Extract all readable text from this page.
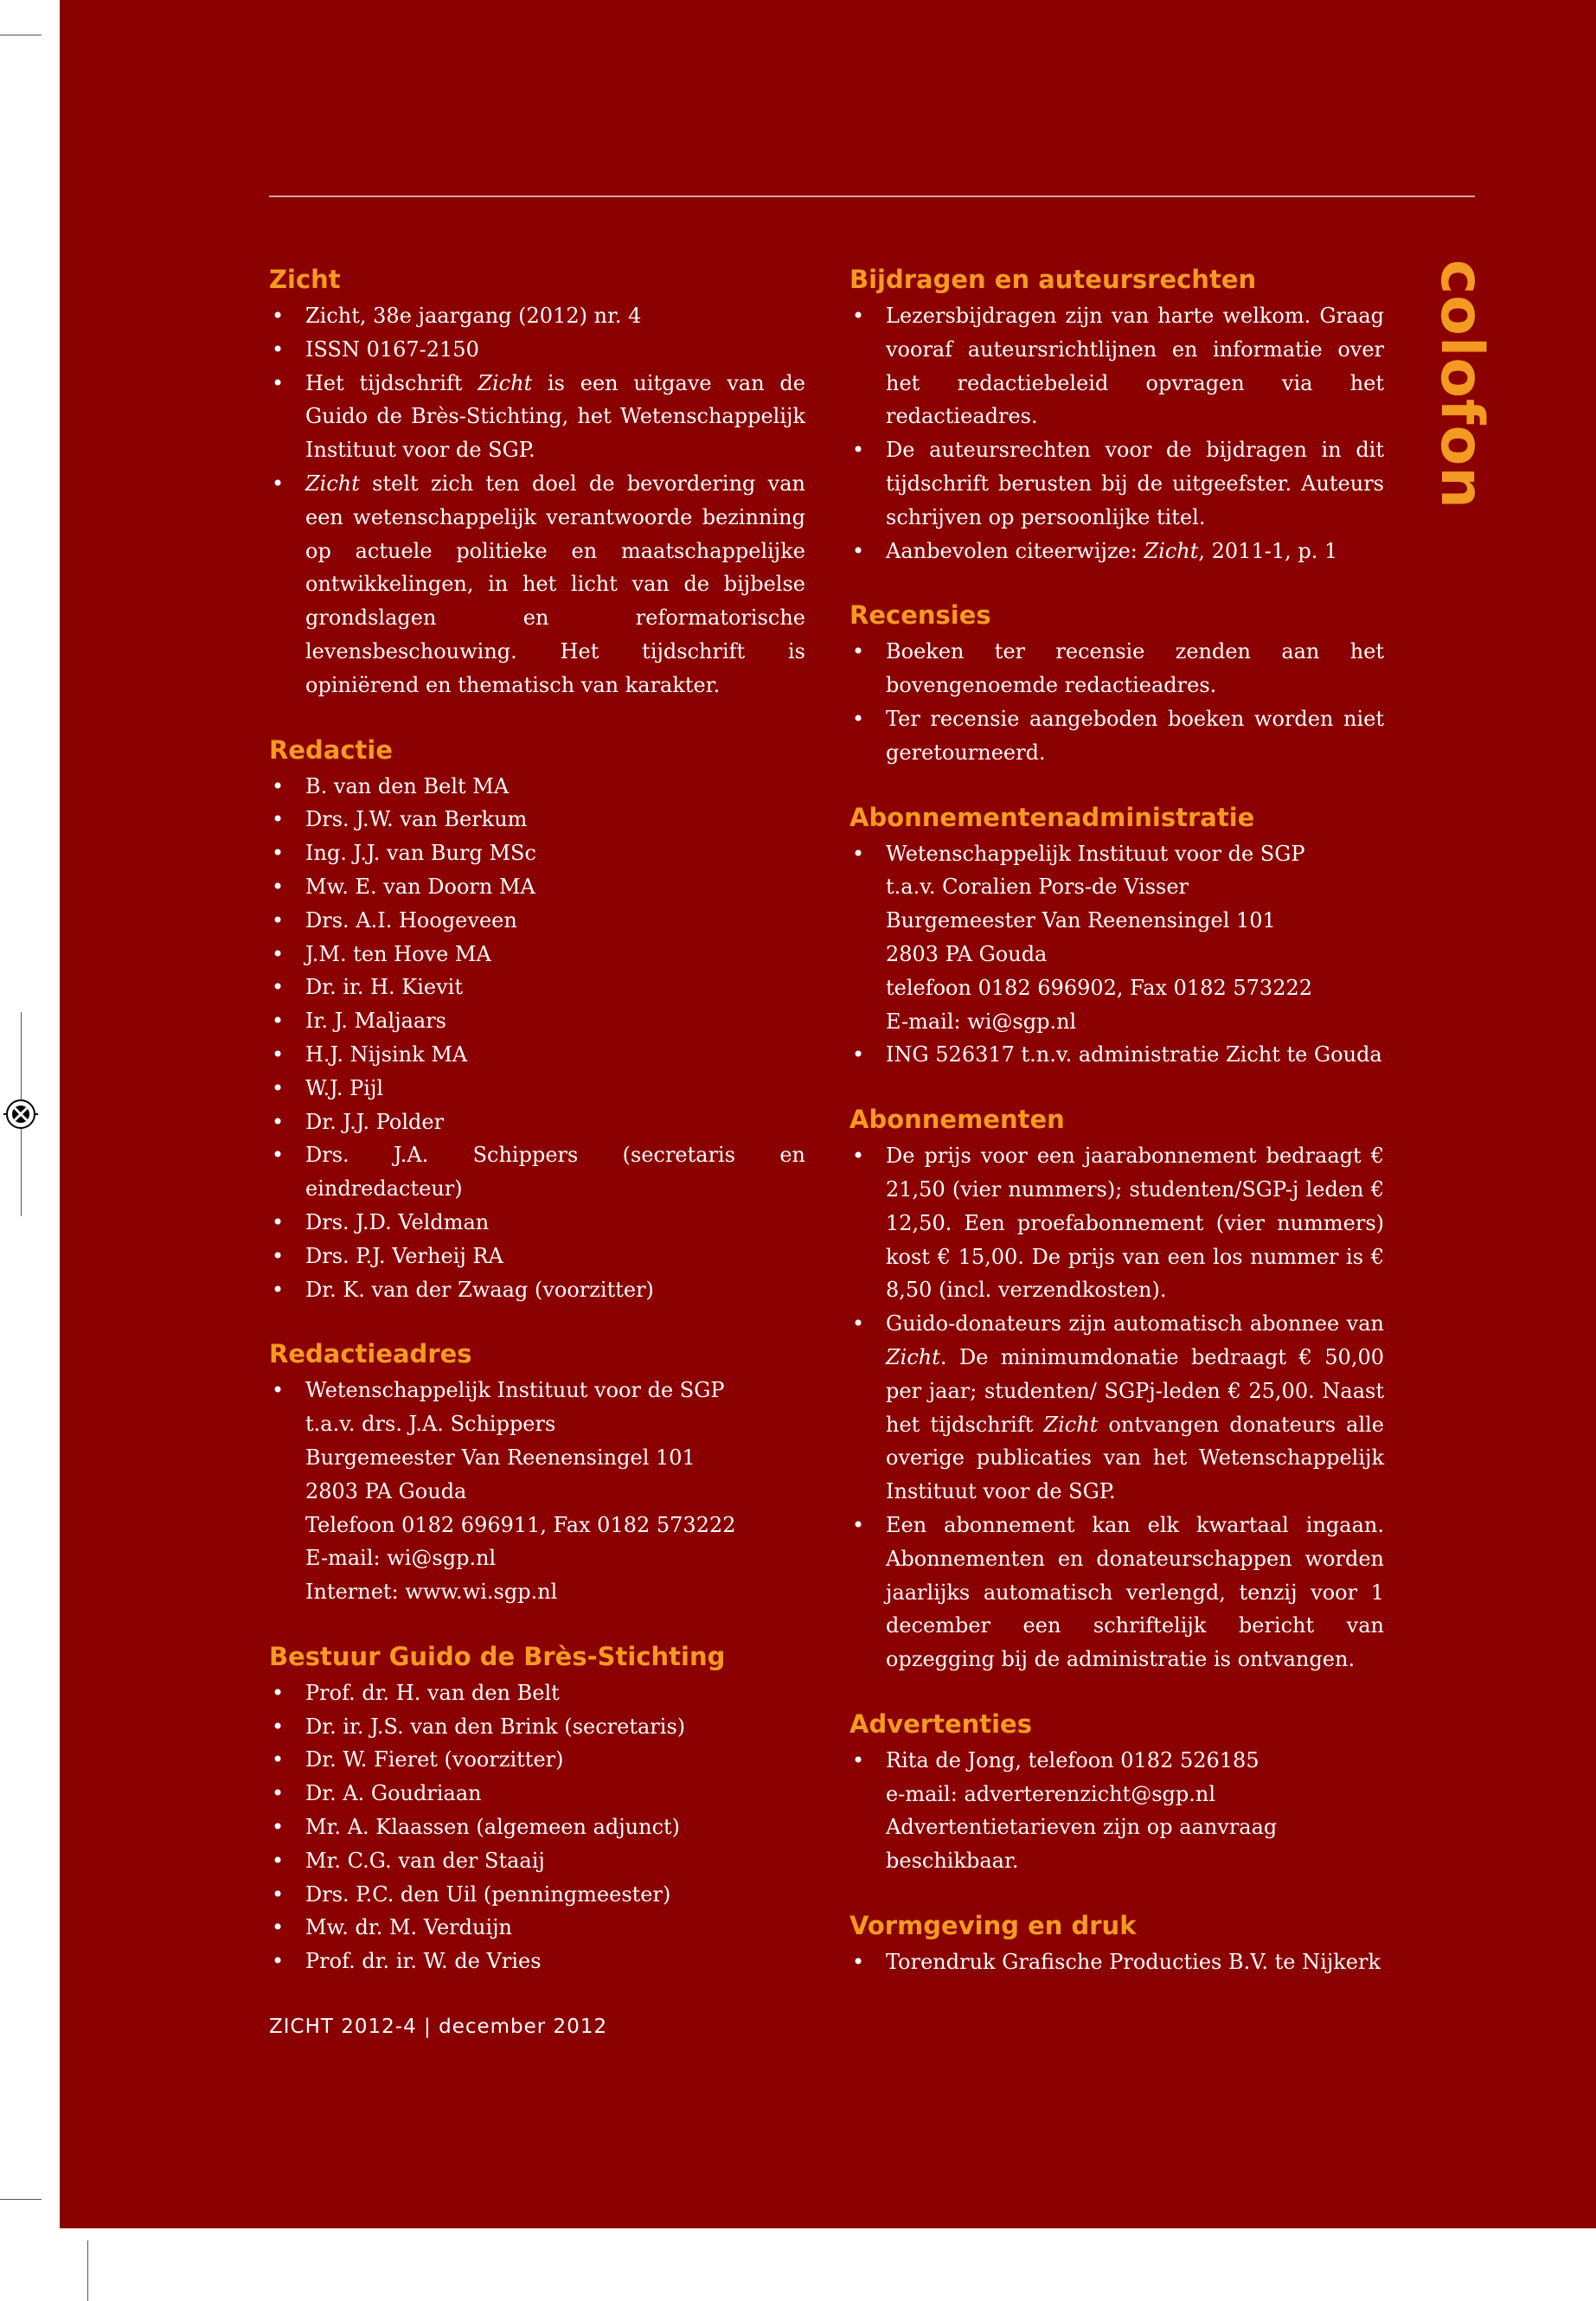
colofon
Zicht
• Zicht, 38e jaargang (2012) nr. 4
• ISSN 0167-2150
• Het tijdschrift Zicht is een uitgave van de Guido de Brès-Stichting, het Wetenschappelijk Instituut voor de SGP.
• Zicht stelt zich ten doel de bevordering van een wetenschappelijk verantwoorde bezinning op actuele politieke en maatschappelijke ontwikkelingen, in het licht van de bijbelse grondslagen en reformatorische levensbeschouwing. Het tijdschrift is opiniërend en thematisch van karakter.
Redactie
• B. van den Belt MA
• Drs. J.W. van Berkum
• Ing. J.J. van Burg MSc
• Mw. E. van Doorn MA
• Drs. A.I. Hoogeveen
• J.M. ten Hove MA
• Dr. ir. H. Kievit
• Ir. J. Maljaars
• H.J. Nijsink MA
• W.J. Pijl
• Dr. J.J. Polder
• Drs. J.A. Schippers (secretaris en eindredacteur)
• Drs. J.D. Veldman
• Drs. P.J. Verheij RA
• Dr. K. van der Zwaag (voorzitter)
Redactieadres
• Wetenschappelijk Instituut voor de SGP
t.a.v. drs. J.A. Schippers
Burgemeester Van Reenensingel 101
2803 PA Gouda
Telefoon 0182 696911, Fax 0182 573222
E-mail: wi@sgp.nl
Internet: www.wi.sgp.nl
Bestuur Guido de Brès-Stichting
• Prof. dr. H. van den Belt
• Dr. ir. J.S. van den Brink (secretaris)
• Dr. W. Fieret (voorzitter)
• Dr. A. Goudriaan
• Mr. A. Klaassen (algemeen adjunct)
• Mr. C.G. van der Staaij
• Drs. P.C. den Uil (penningmeester)
• Mw. dr. M. Verduijn
• Prof. dr. ir. W. de Vries
Bijdragen en auteursrechten
• Lezersbijdragen zijn van harte welkom. Graag vooraf auteursrichtlijnen en informatie over het redactiebeleid opvragen via het redactieadres.
• De auteursrechten voor de bijdragen in dit tijdschrift berusten bij de uitgeefster. Auteurs schrijven op persoonlijke titel.
• Aanbevolen citeerwijze: Zicht, 2011-1, p. 1
Recensies
• Boeken ter recensie zenden aan het bovengenoemde redactieadres.
• Ter recensie aangeboden boeken worden niet geretourneerd.
Abonnementenadministratie
• Wetenschappelijk Instituut voor de SGP
t.a.v. Coralien Pors-de Visser
Burgemeester Van Reenensingel 101
2803 PA Gouda
telefoon 0182 696902, Fax 0182 573222
E-mail: wi@sgp.nl
• ING 526317 t.n.v. administratie Zicht te Gouda
Abonnementen
• De prijs voor een jaarabonnement bedraagt € 21,50 (vier nummers); studenten/SGP-j leden € 12,50. Een proefabonnement (vier nummers) kost € 15,00. De prijs van een los nummer is € 8,50 (incl. verzendkosten).
• Guido-donateurs zijn automatisch abonnee van Zicht. De minimumdonatie bedraagt € 50,00 per jaar; studenten/ SGPj-leden € 25,00. Naast het tijdschrift Zicht ontvangen donateurs alle overige publicaties van het Wetenschappelijk Instituut voor de SGP.
• Een abonnement kan elk kwartaal ingaan. Abonnementen en donateurschappen worden jaarlijks automatisch verlengd, tenzij voor 1 december een schriftelijk bericht van opzegging bij de administratie is ontvangen.
Advertenties
• Rita de Jong, telefoon 0182 526185
e-mail: adverterenzicht@sgp.nl
Advertentietarieven zijn op aanvraag beschikbaar.
Vormgeving en druk
• Torendruk Grafische Producties B.V. te Nijkerk
ZICHT 2012-4 | december 2012
